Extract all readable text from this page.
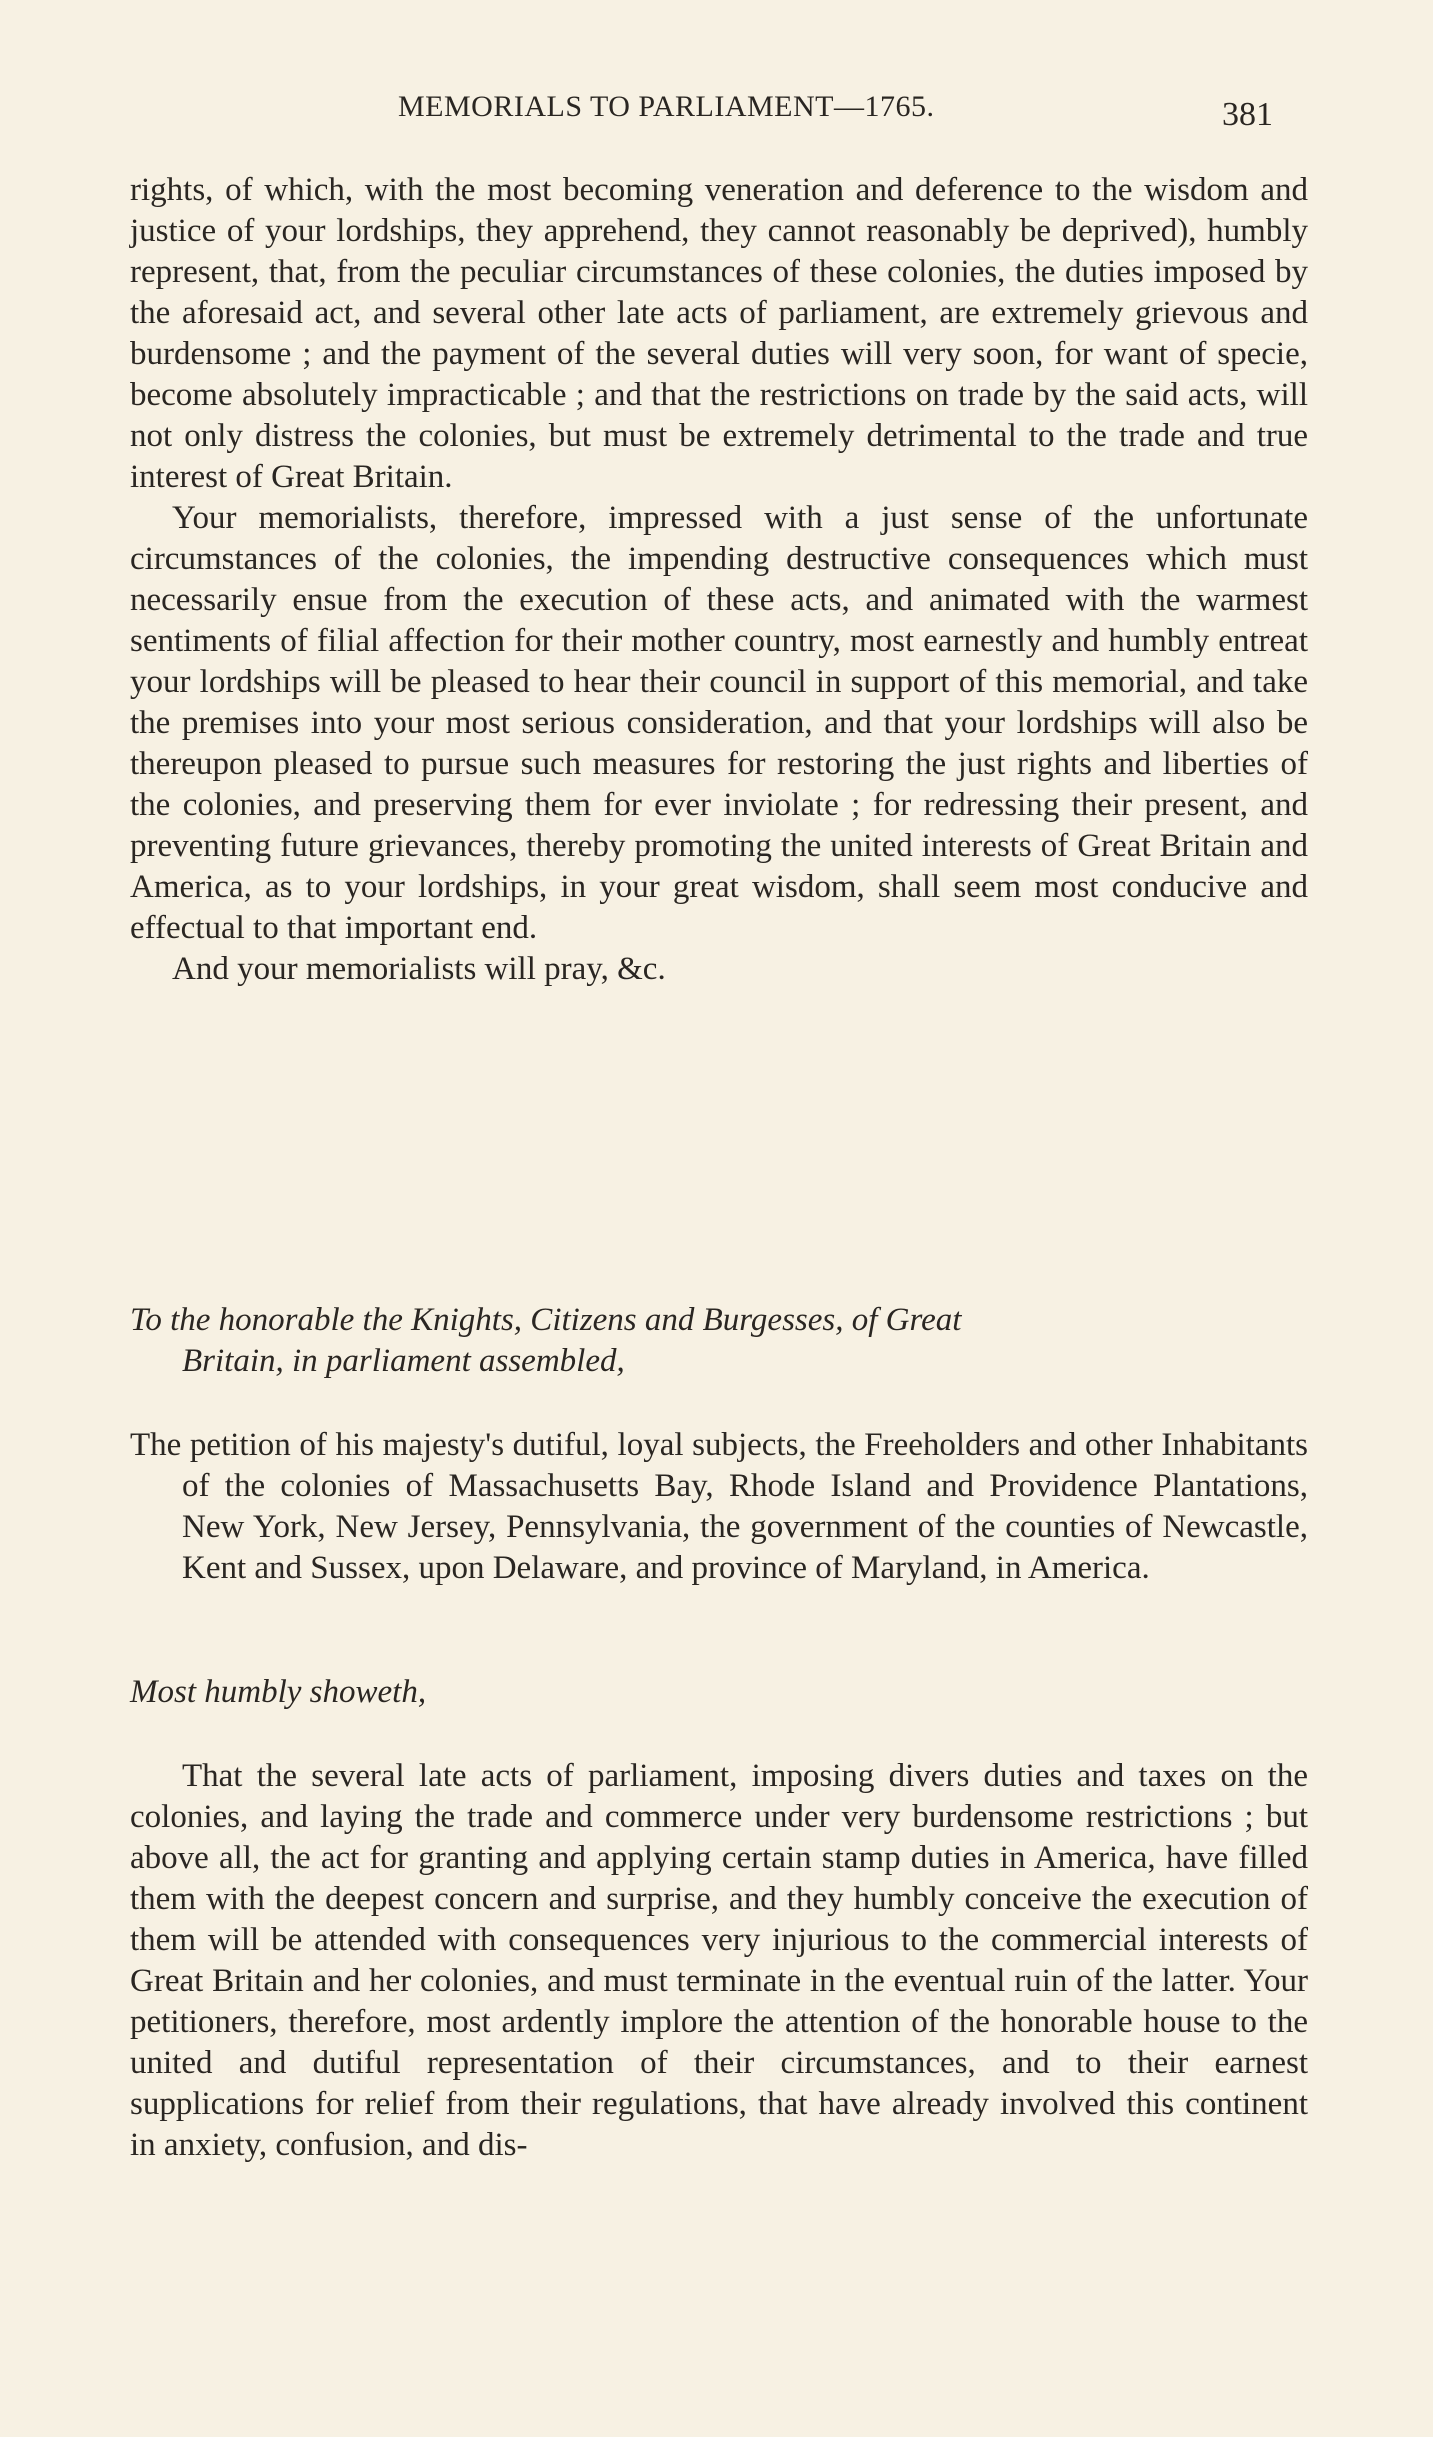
MEMORIALS TO PARLIAMENT—1765.	381

rights, of which, with the most becoming veneration and deference to the wisdom and justice of your lordships, they apprehend, they cannot reasonably be deprived), humbly represent, that, from the peculiar circumstances of these colonies, the duties imposed by the aforesaid act, and several other late acts of parliament, are extremely grievous and burdensome ; and the payment of the several duties will very soon, for want of specie, become absolutely impracticable ; and that the restrictions on trade by the said acts, will not only distress the colonies, but must be extremely detrimental to the trade and true interest of Great Britain.

Your memorialists, therefore, impressed with a just sense of the unfortunate circumstances of the colonies, the impending destructive consequences which must necessarily ensue from the execution of these acts, and animated with the warmest sentiments of filial affection for their mother country, most earnestly and humbly entreat your lordships will be pleased to hear their council in support of this memorial, and take the premises into your most serious consideration, and that your lordships will also be thereupon pleased to pursue such measures for restoring the just rights and liberties of the colonies, and preserving them for ever inviolate ; for redressing their present, and preventing future grievances, thereby promoting the united interests of Great Britain and America, as to your lordships, in your great wisdom, shall seem most conducive and effectual to that important end.

And your memorialists will pray, &c.

To the honorable the Knights, Citizens and Burgesses, of Great
Britain, in parliament assembled,

The petition of his majesty's dutiful, loyal subjects, the Freeholders and other Inhabitants of the colonies of Massachusetts Bay, Rhode Island and Providence Plantations, New York, New Jersey, Pennsylvania, the government of the counties of Newcastle, Kent and Sussex, upon Delaware, and province of Maryland, in America.

Most humbly showeth,

That the several late acts of parliament, imposing divers duties and taxes on the colonies, and laying the trade and commerce under very burdensome restrictions ; but above all, the act for granting and applying certain stamp duties in America, have filled them with the deepest concern and surprise, and they humbly conceive the execution of them will be attended with consequences very injurious to the commercial interests of Great Britain and her colonies, and must terminate in the eventual ruin of the latter. Your petitioners, therefore, most ardently implore the attention of the honorable house to the united and dutiful representation of their circumstances, and to their earnest supplications for relief from their regulations, that have already involved this continent in anxiety, confusion, and dis-
